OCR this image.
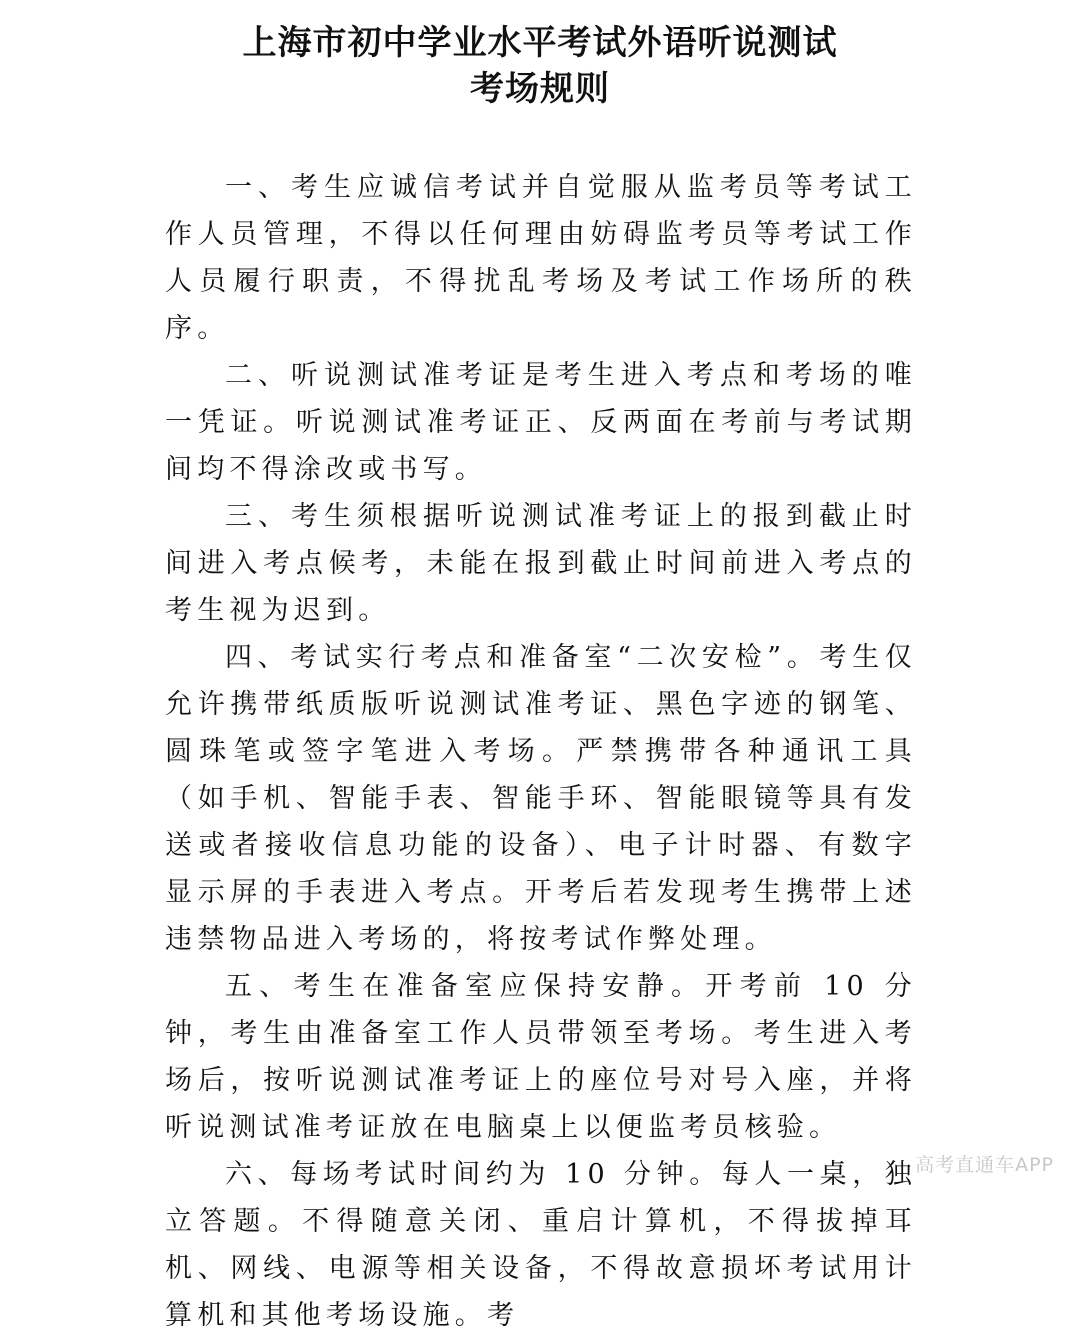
上海市初中学业水平考试外语听说测试
考场规则

一、考生应诚信考试并自觉服从监考员等考试工作人员管理，不得以任何理由妨碍监考员等考试工作人员履行职责，不得扰乱考场及考试工作场所的秩序。

二、听说测试准考证是考生进入考点和考场的唯一凭证。听说测试准考证正、反两面在考前与考试期间均不得涂改或书写。

三、考生须根据听说测试准考证上的报到截止时间进入考点候考，未能在报到截止时间前进入考点的考生视为迟到。

四、考试实行考点和准备室“二次安检”。考生仅允许携带纸质版听说测试准考证、黑色字迹的钢笔、圆珠笔或签字笔进入考场。严禁携带各种通讯工具（如手机、智能手表、智能手环、智能眼镜等具有发送或者接收信息功能的设备）、电子计时器、有数字显示屏的手表进入考点。开考后若发现考生携带上述违禁物品进入考场的，将按考试作弊处理。

五、考生在准备室应保持安静。开考前 10 分钟，考生由准备室工作人员带领至考场。考生进入考场后，按听说测试准考证上的座位号对号入座，并将听说测试准考证放在电脑桌上以便监考员核验。

六、每场考试时间约为 10 分钟。每人一桌，独立答题。不得随意关闭、重启计算机，不得拔掉耳机、网线、电源等相关设备，不得故意损坏考试用计算机和其他考场设施。考

高考直通车APP
